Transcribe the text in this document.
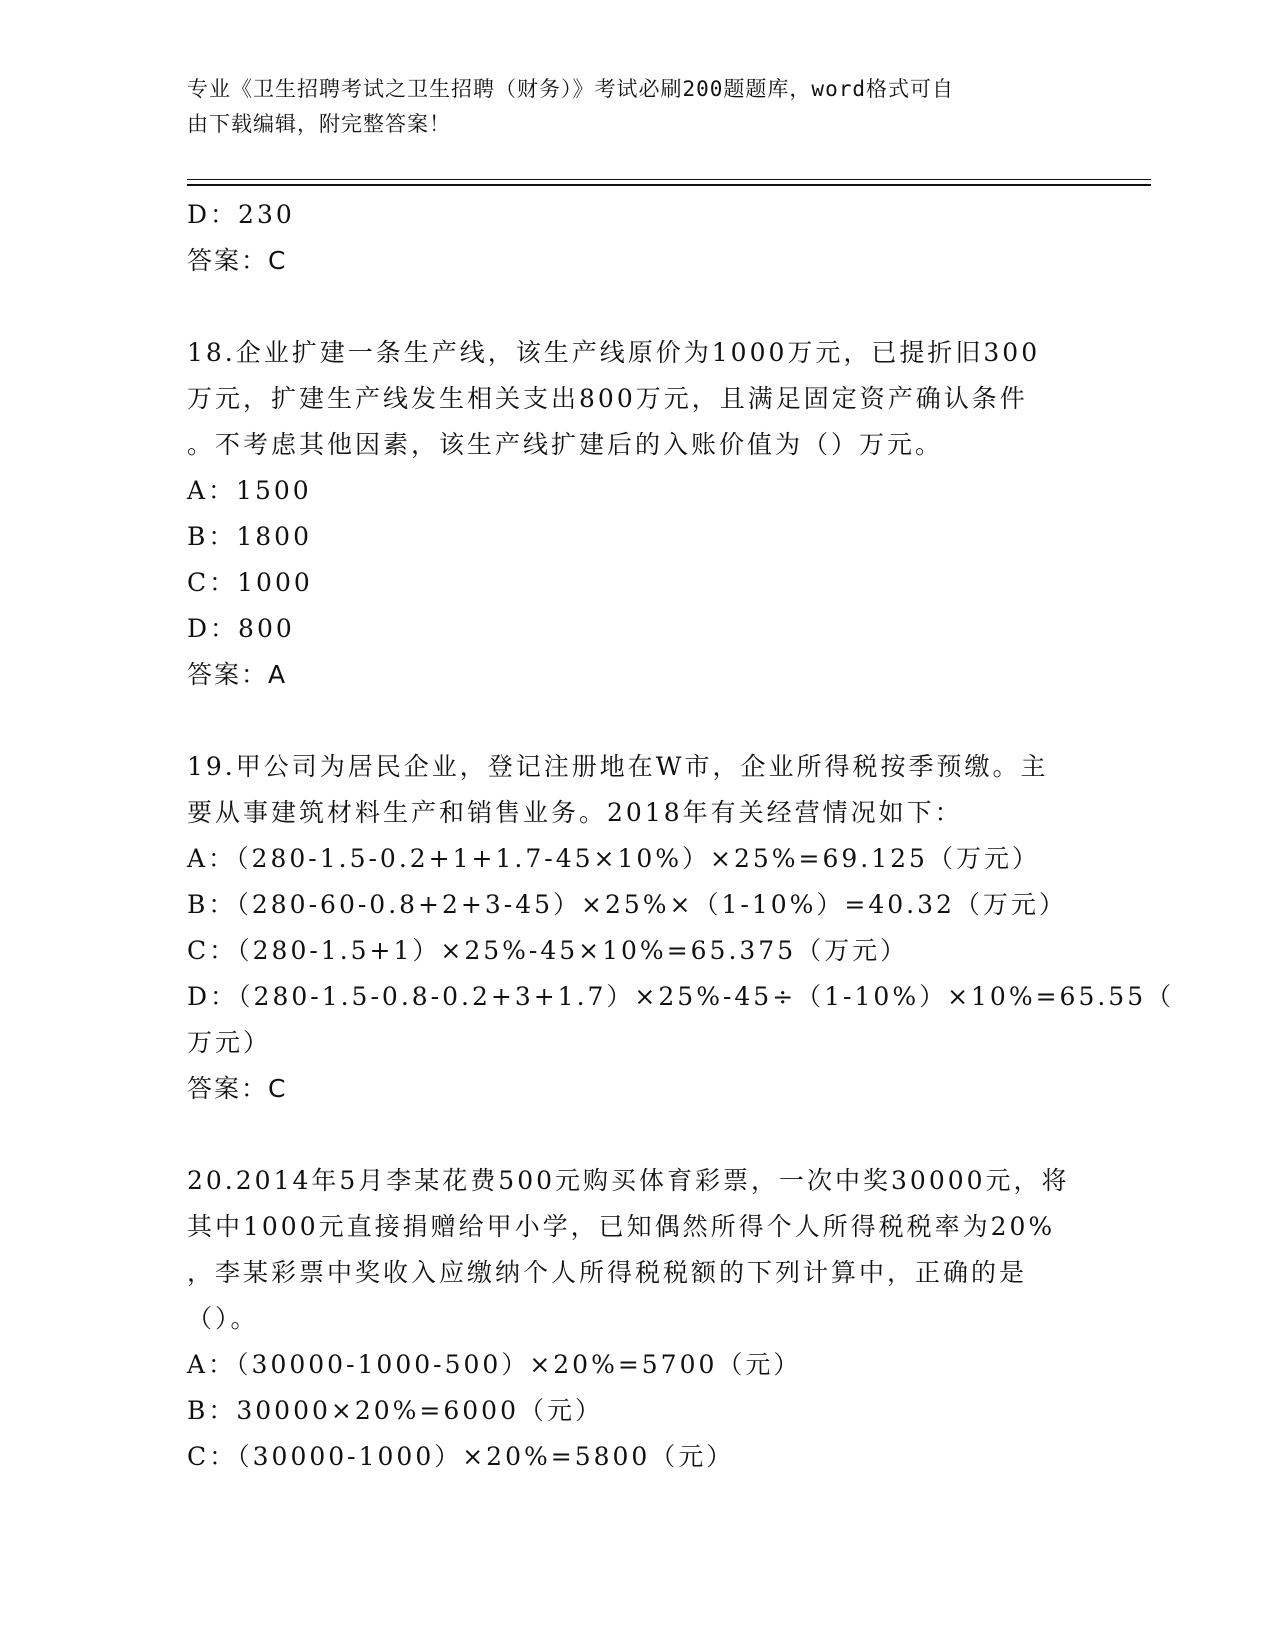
专业《卫生招聘考试之卫生招聘（财务）》考试必刷200题题库，word格式可自
由下载编辑，附完整答案！
D：230
答案：C
18.企业扩建一条生产线，该生产线原价为1000万元，已提折旧300
万元，扩建生产线发生相关支出800万元，且满足固定资产确认条件
。不考虑其他因素，该生产线扩建后的入账价值为（）万元。
A：1500
B：1800
C：1000
D：800
答案：A
19.甲公司为居民企业，登记注册地在W市，企业所得税按季预缴。主
要从事建筑材料生产和销售业务。2018年有关经营情况如下：
A：（280-1.5-0.2+1+1.7-45×10%）×25%=69.125（万元）
B：（280-60-0.8+2+3-45）×25%×（1-10%）=40.32（万元）
C：（280-1.5+1）×25%-45×10%=65.375（万元）
D：（280-1.5-0.8-0.2+3+1.7）×25%-45÷（1-10%）×10%=65.55（
万元）
答案：C
20.2014年5月李某花费500元购买体育彩票，一次中奖30000元，将
其中1000元直接捐赠给甲小学，已知偶然所得个人所得税税率为20%
，李某彩票中奖收入应缴纳个人所得税税额的下列计算中，正确的是
（）。
A：（30000-1000-500）×20%=5700（元）
B：30000×20%=6000（元）
C：（30000-1000）×20%=5800（元）
